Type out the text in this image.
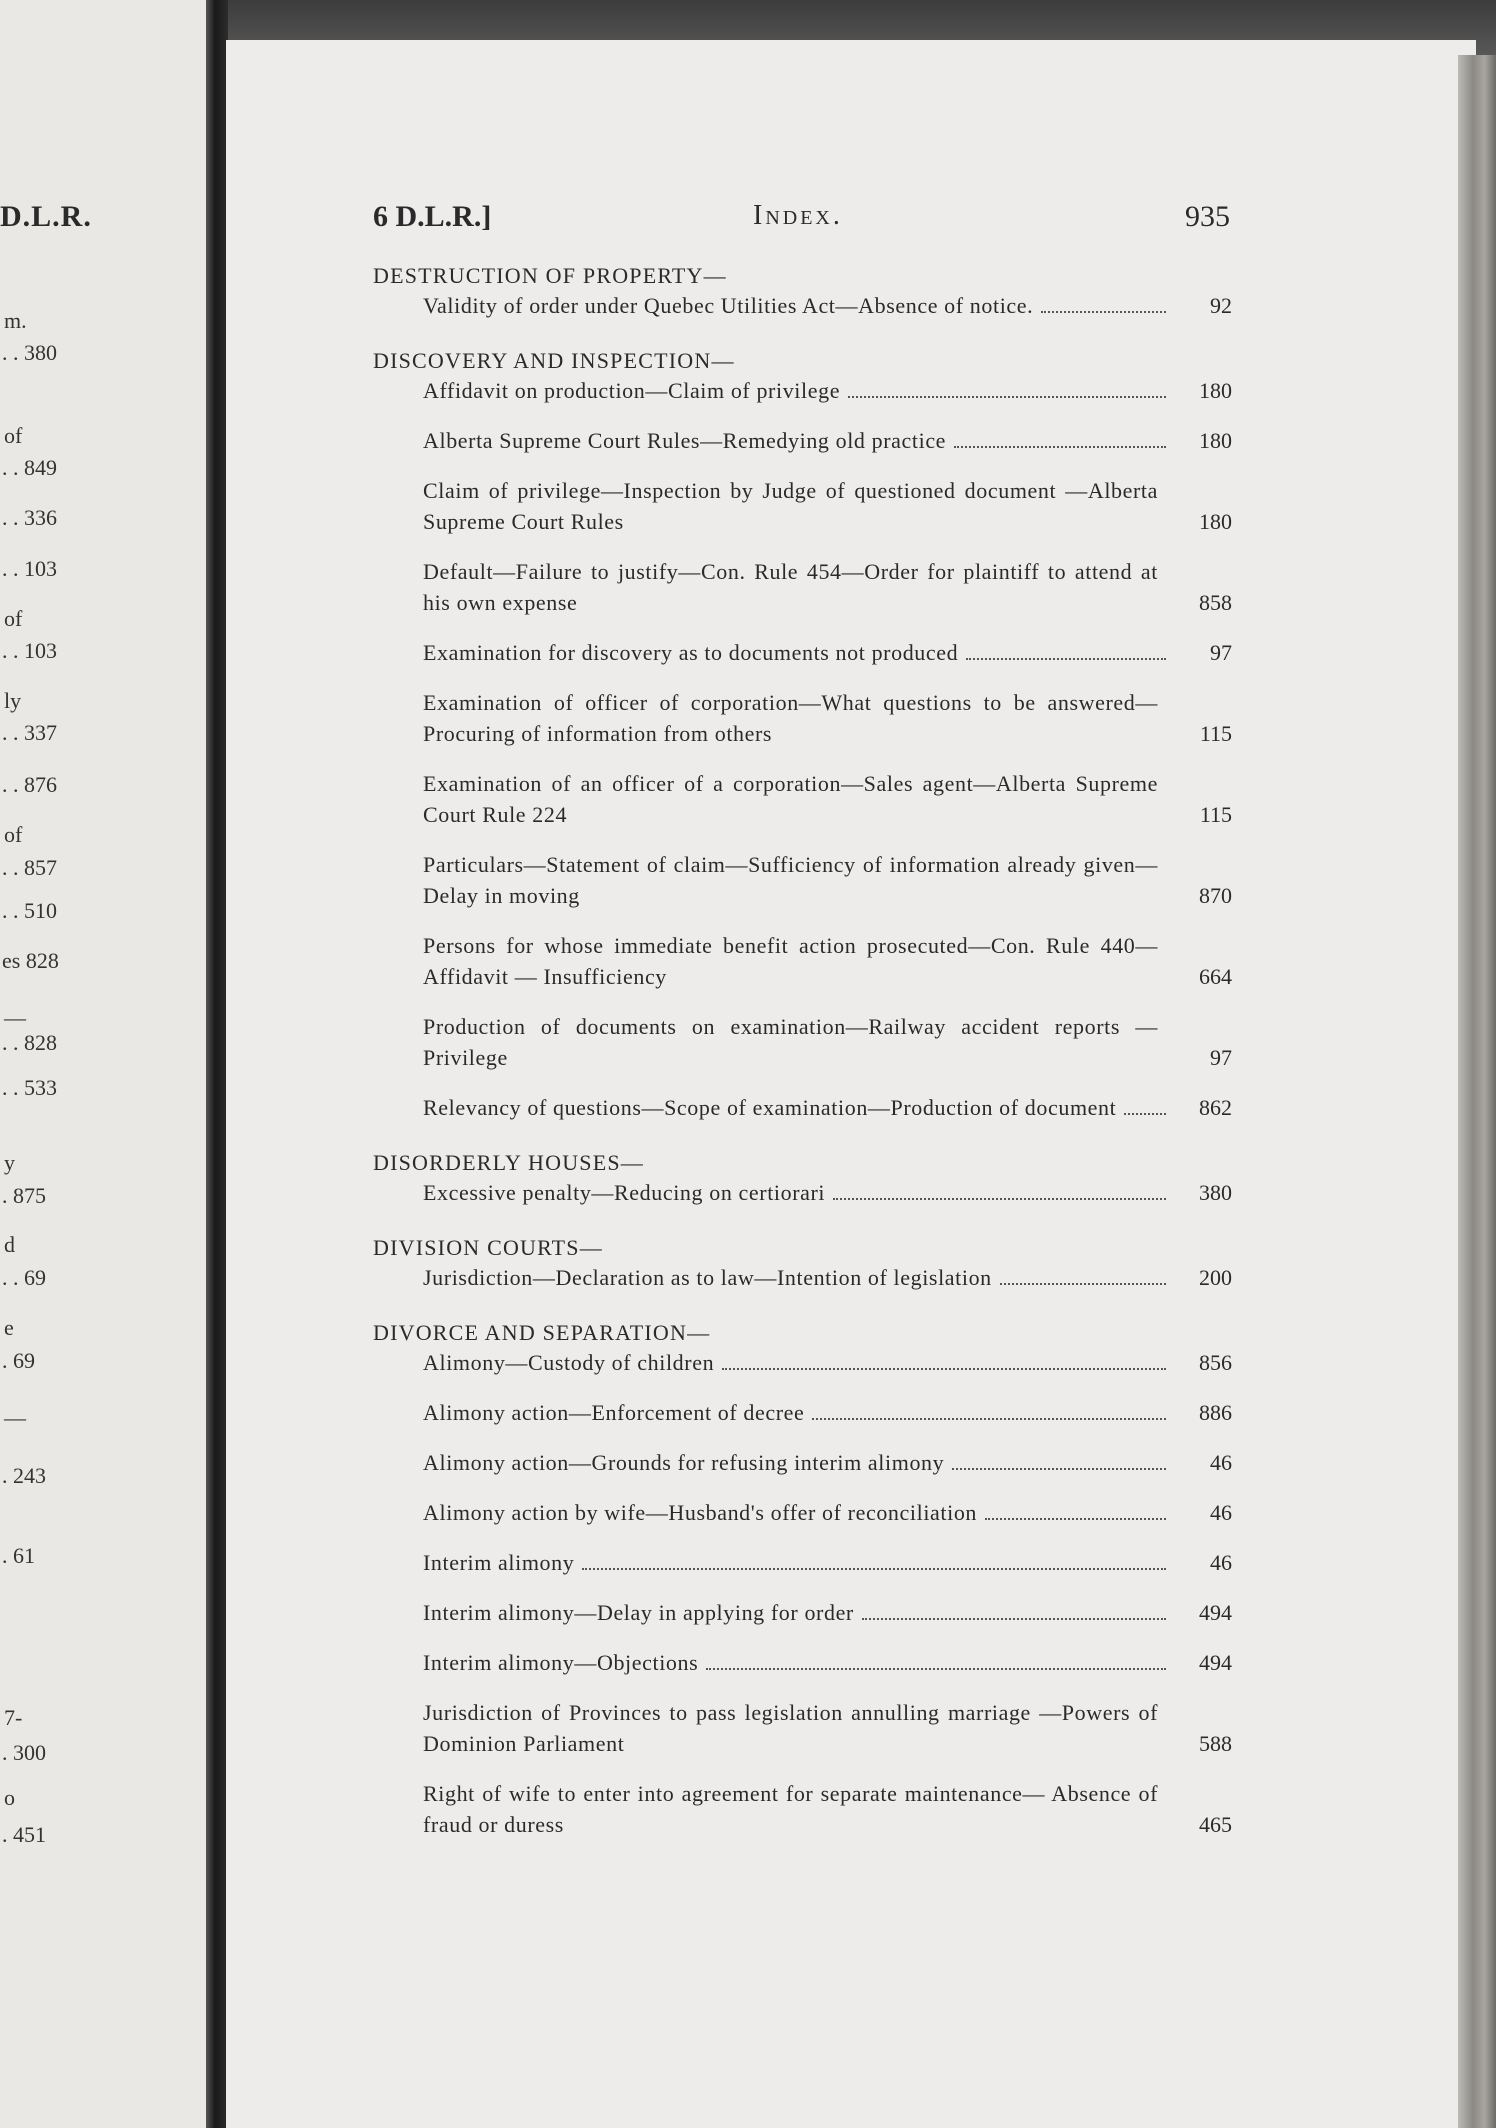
D.L.R.
m.
. . 380
of
. . 849
. . 336
. . 103
of
. . 103
ly
. . 337
. . 876
of
. . 857
. . 510
es 828
—
. . 828
. . 533
y
. 875
d
. . 69
e
. 69
—
. 243
. 61
7-
. 300
o
. 451
6 D.L.R.]	Index.	935
DESTRUCTION OF PROPERTY—
Validity of order under Quebec Utilities Act—Absence of notice.	92
DISCOVERY AND INSPECTION—
Affidavit on production—Claim of privilege	180
Alberta Supreme Court Rules—Remedying old practice	180
Claim of privilege—Inspection by Judge of questioned document —Alberta Supreme Court Rules	180
Default—Failure to justify—Con. Rule 454—Order for plaintiff to attend at his own expense	858
Examination for discovery as to documents not produced	97
Examination of officer of corporation—What questions to be answered—Procuring of information from others	115
Examination of an officer of a corporation—Sales agent—Alberta Supreme Court Rule 224	115
Particulars—Statement of claim—Sufficiency of information already given—Delay in moving	870
Persons for whose immediate benefit action prosecuted—Con. Rule 440—Affidavit — Insufficiency	664
Production of documents on examination—Railway accident reports — Privilege	97
Relevancy of questions—Scope of examination—Production of document	862
DISORDERLY HOUSES—
Excessive penalty—Reducing on certiorari	380
DIVISION COURTS—
Jurisdiction—Declaration as to law—Intention of legislation	200
DIVORCE AND SEPARATION—
Alimony—Custody of children	856
Alimony action—Enforcement of decree	886
Alimony action—Grounds for refusing interim alimony	46
Alimony action by wife—Husband's offer of reconciliation	46
Interim alimony	46
Interim alimony—Delay in applying for order	494
Interim alimony—Objections	494
Jurisdiction of Provinces to pass legislation annulling marriage —Powers of Dominion Parliament	588
Right of wife to enter into agreement for separate maintenance— Absence of fraud or duress	465
